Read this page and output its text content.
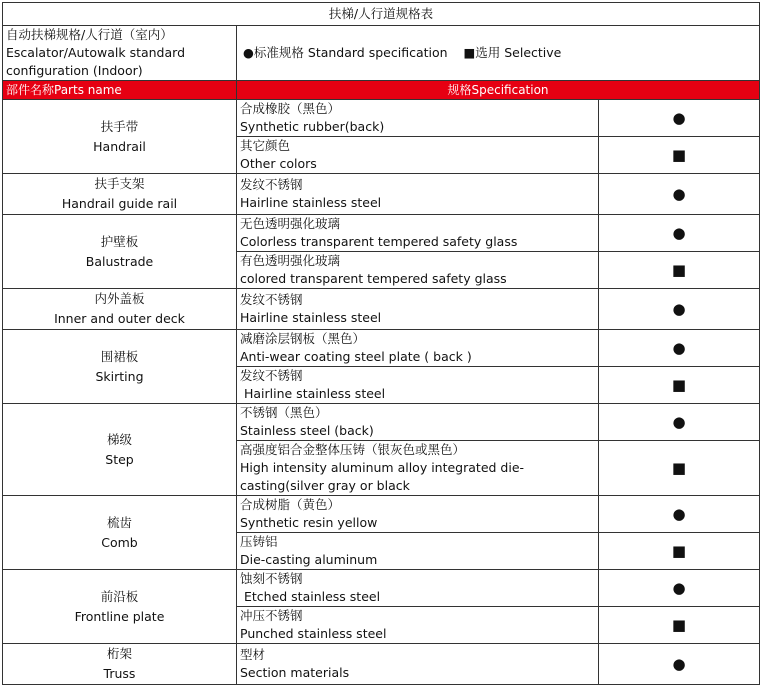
扶梯/人行道规格表		

自动扶梯规格/人行道（室内）
Escalator/Autowalk standard
configuration (Indoor)	●标准规格 Standard specification    ■选用 Selective	
部件名称Parts name	规格Specification	

扶手带
Handrail	合成橡胶（黑色）
Synthetic rubber(back)	●

	其它颜色
Other colors	■

扶手支架
Handrail guide rail	发纹不锈钢
Hairline stainless steel	●

护壁板
Balustrade	无色透明强化玻璃
Colorless transparent tempered safety glass	●

	有色透明强化玻璃
colored transparent tempered safety glass	■

内外盖板
Inner and outer deck	发纹不锈钢
Hairline stainless steel	●

围裙板
Skirting	减磨涂层钢板（黑色）
Anti-wear coating steel plate ( back )	●

	发纹不锈钢
Hairline stainless steel	■

梯级
Step	不锈钢（黑色）
Stainless steel (back)	●

	高强度铝合金整体压铸（银灰色或黑色）
High intensity aluminum alloy integrated die-
casting(silver gray or black	■

梳齿
Comb	合成树脂（黄色）
Synthetic resin yellow	●

	压铸铝
Die-casting aluminum	■

前沿板
Frontline plate	蚀刻不锈钢
Etched stainless steel	●

	冲压不锈钢
Punched stainless steel	■

桁架
Truss	型材
Section materials	●
